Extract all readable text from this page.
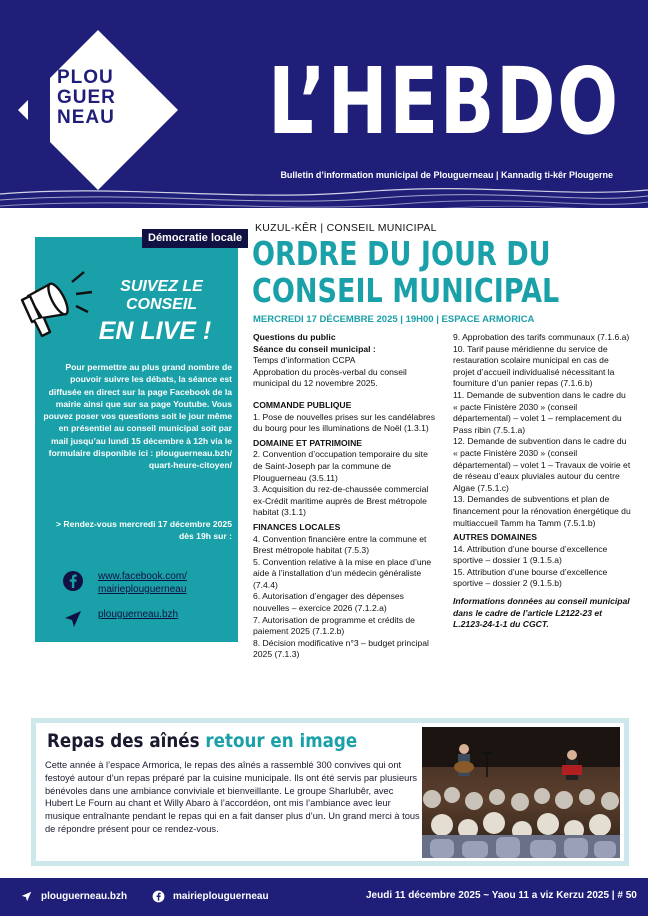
PLOU
GUER
NEAU L’HEBDO
Bulletin d’information municipal de Plouguerneau | Kannadig ti-kêr Plougerne
Démocratie locale
SUIVEZ LE CONSEIL
EN LIVE !
Pour permettre au plus grand nombre de pouvoir suivre les débats, la séance est diffusée en direct sur la page Facebook de la mairie ainsi que sur sa page Youtube. Vous pouvez poser vos questions soit le jour même en présentiel au conseil municipal soit par mail jusqu’au lundi 15 décembre à 12h via le formulaire disponible ici : plouguerneau.bzh/ quart-heure-citoyen/
> Rendez-vous mercredi 17 décembre 2025 dès 19h sur :
www.facebook.com/ mairieplouguerneau
plouguerneau.bzh
KUZUL-KÊR | CONSEIL MUNICIPAL
ORDRE DU JOUR DU
CONSEIL MUNICIPAL
MERCREDI 17 DÉCEMBRE 2025 | 19H00 | ESPACE ARMORICA
Questions du public
Séance du conseil municipal :
Temps d’information CCPA
Approbation du procès-verbal du conseil municipal du 12 novembre 2025.
COMMANDE PUBLIQUE
1. Pose de nouvelles prises sur les candélabres du bourg pour les illuminations de Noël (1.3.1)
DOMAINE ET PATRIMOINE
2. Convention d’occupation temporaire du site de Saint-Joseph par la commune de Plouguerneau (3.5.11)
3. Acquisition du rez-de-chaussée commercial ex-Crédit maritime auprès de Brest métropole habitat (3.1.1)
FINANCES LOCALES
4. Convention financière entre la commune et Brest métropole habitat (7.5.3)
5. Convention relative à la mise en place d’une aide à l’installation d’un médecin généraliste (7.4.4)
6. Autorisation d’engager des dépenses nouvelles – exercice 2026 (7.1.2.a)
7. Autorisation de programme et crédits de paiement 2025 (7.1.2.b)
8. Décision modificative n°3 – budget principal 2025 (7.1.3)
9. Approbation des tarifs communaux (7.1.6.a)
10. Tarif pause méridienne du service de restauration scolaire municipal en cas de projet d’accueil individualisé nécessitant la fourniture d’un panier repas (7.1.6.b)
11. Demande de subvention dans le cadre du « pacte Finistère 2030 » (conseil départemental) – volet 1 – remplacement du Pass ribin (7.5.1.a)
12. Demande de subvention dans le cadre du « pacte Finistère 2030 » (conseil départemental) – volet 1 – Travaux de voirie et de réseau d’eaux pluviales autour du centre Algae (7.5.1.c)
13. Demandes de subventions et plan de financement pour la rénovation énergétique du multiaccueil Tamm ha Tamm (7.5.1.b)
AUTRES DOMAINES
14. Attribution d’une bourse d’excellence sportive – dossier 1 (9.1.5.a)
15. Attribution d’une bourse d’excellence sportive – dossier 2 (9.1.5.b)
Informations données au conseil municipal dans le cadre de l’article L2122-23 et L.2123-24-1-1 du CGCT.
Repas des aînés retour en image
Cette année à l’espace Armorica, le repas des aînés a rassemblé 300 convives qui ont festoyé autour d’un repas préparé par la cuisine municipale. Ils ont été servis par plusieurs bénévoles dans une ambiance conviviale et bienveillante. Le groupe Sharlubêr, avec Hubert Le Fourn au chant et Willy Abaro à l’accordéon, ont mis l’ambiance avec leur musique entraînante pendant le repas qui en a fait danser plus d’un. Un grand merci à tous de répondre présent pour ce rendez-vous.
plouguerneau.bzh	mairieplouguerneau	Jeudi 11 décembre 2025 ~ Yaou 11 a viz Kerzu 2025 | # 50
